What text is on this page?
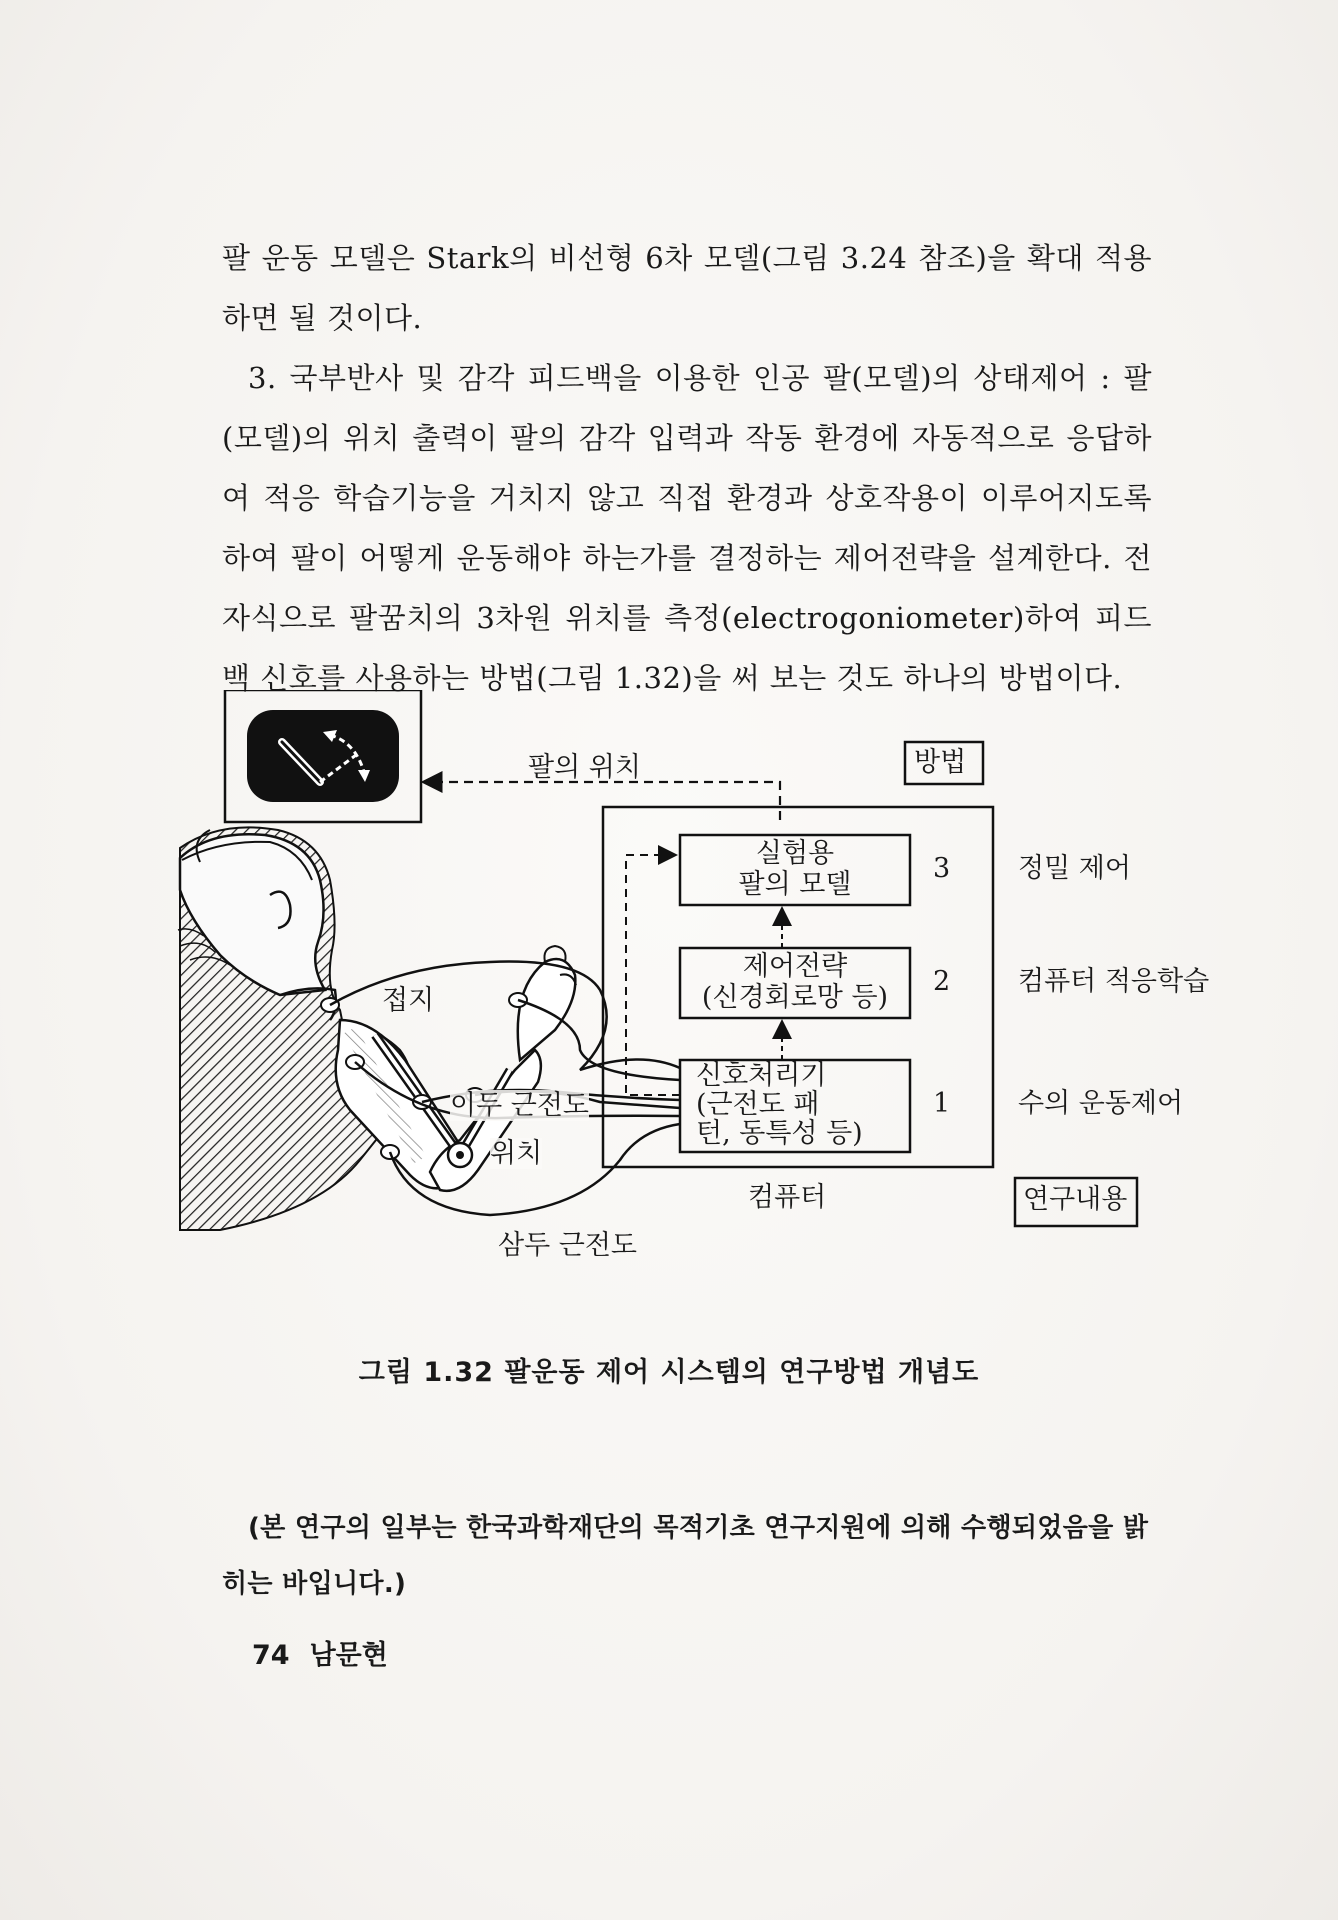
팔 운동 모델은 Stark의 비선형 6차 모델(그림 3.24 참조)을 확대 적용하면 될 것이다.

3. 국부반사 및 감각 피드백을 이용한 인공 팔(모델)의 상태제어 : 팔(모델)의 위치 출력이 팔의 감각 입력과 작동 환경에 자동적으로 응답하여 적응 학습기능을 거치지 않고 직접 환경과 상호작용이 이루어지도록 하여 팔이 어떻게 운동해야 하는가를 결정하는 제어전략을 설계한다. 전자식으로 팔꿈치의 3차원 위치를 측정(electrogoniometer)하여 피드백 신호를 사용하는 방법(그림 1.32)을 써 보는 것도 하나의 방법이다.

팔의 위치	방법
연구내용
컴퓨터
접지
이두 근전도
위치
삼두 근전도
실험용
팔의 모델
3	정밀 제어
제어전략
(신경회로망 등)
2	컴퓨터 적응학습
신호처리기
(근전도 패
턴, 동특성 등)
1	수의 운동제어
그림 1.32 팔운동 제어 시스템의 연구방법 개념도

(본 연구의 일부는 한국과학재단의 목적기초 연구지원에 의해 수행되었음을 밝히는 바입니다.)

74 남문현
